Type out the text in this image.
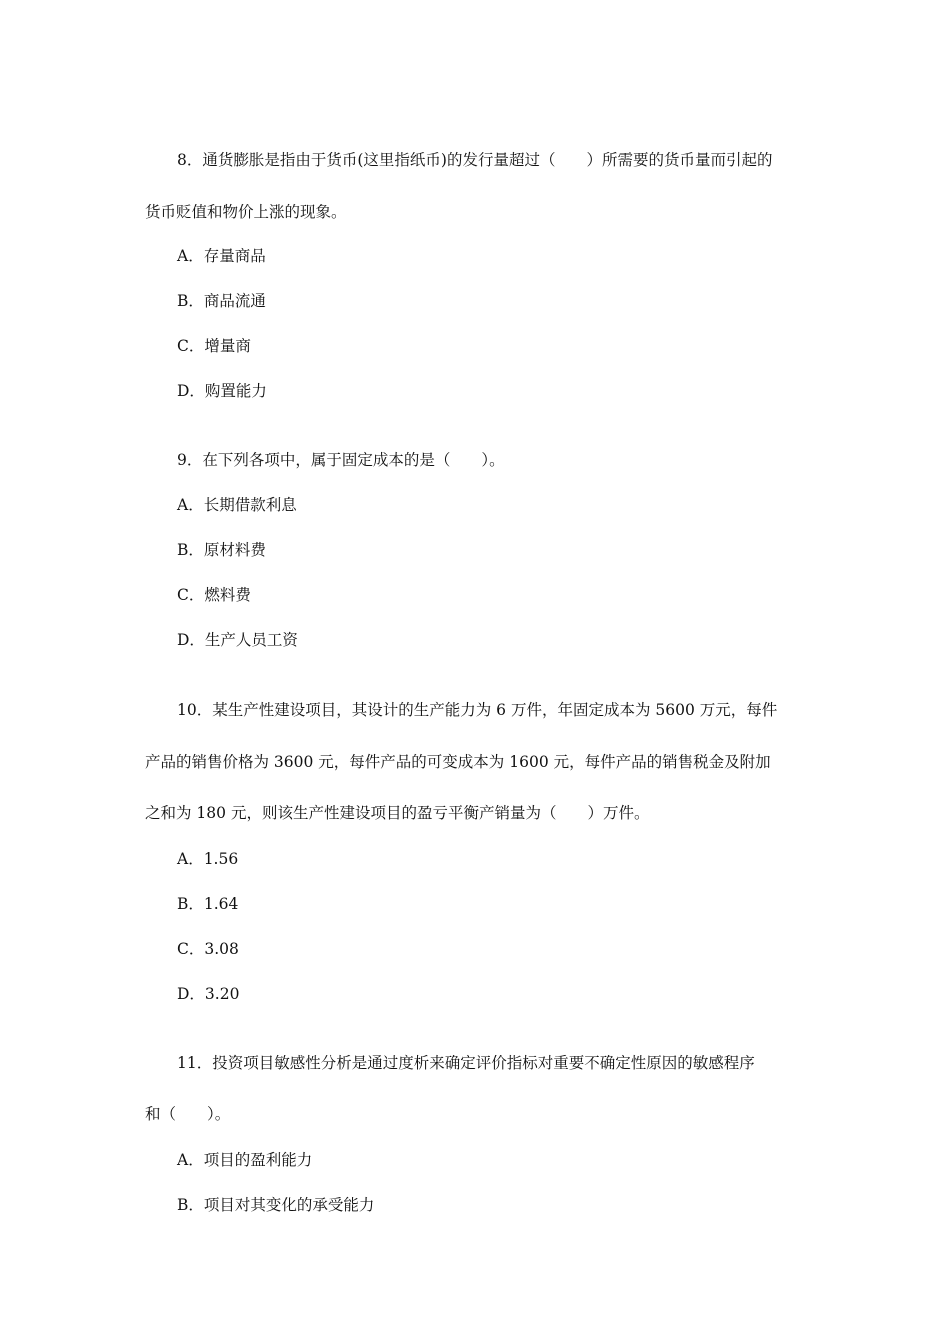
8．通货膨胀是指由于货币(这里指纸币)的发行量超过（　　）所需要的货币量而引起的
货币贬值和物价上涨的现象。
A．存量商品
B．商品流通
C．增量商
D．购置能力
9．在下列各项中，属于固定成本的是（　　）。
A．长期借款利息
B．原材料费
C．燃料费
D．生产人员工资
10．某生产性建设项目，其设计的生产能力为 6 万件，年固定成本为 5600 万元，每件
产品的销售价格为 3600 元，每件产品的可变成本为 1600 元，每件产品的销售税金及附加
之和为 180 元，则该生产性建设项目的盈亏平衡产销量为（　　）万件。
A．1.56
B．1.64
C．3.08
D．3.20
11．投资项目敏感性分析是通过度析来确定评价指标对重要不确定性原因的敏感程序
和（　　）。
A．项目的盈利能力
B．项目对其变化的承受能力
